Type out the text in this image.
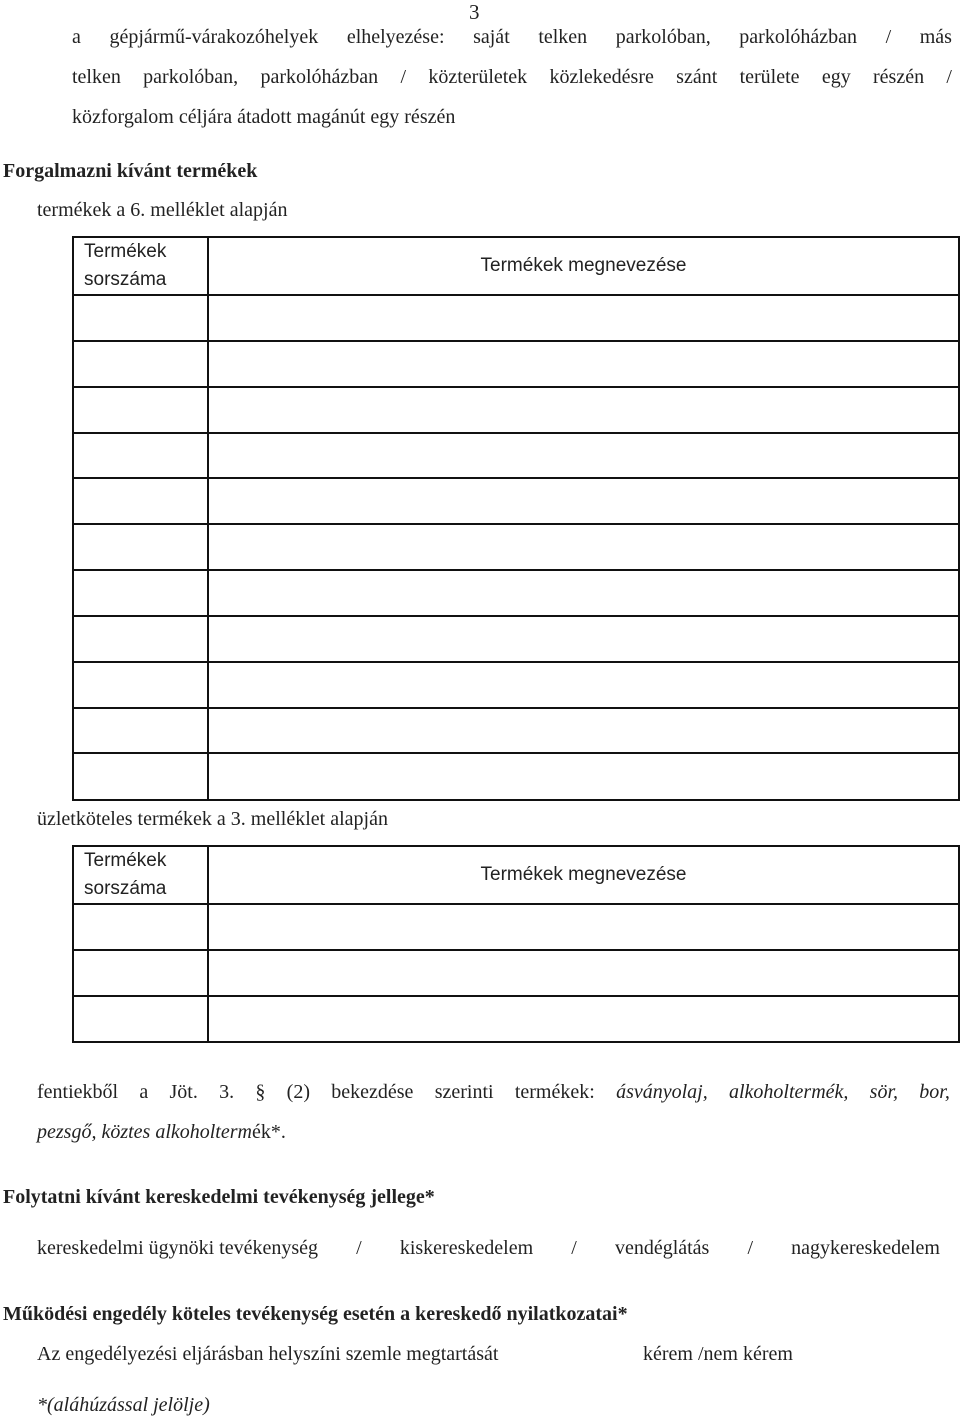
3
a gépjármű-várakozóhelyek elhelyezése: saját telken parkolóban, parkolóházban / más
telken parkolóban, parkolóházban / közterületek közlekedésre szánt területe egy részén /
közforgalom céljára átadott magánút egy részén
Forgalmazni kívánt termékek
termékek a 6. melléklet alapján
Termékek
sorszáma	Termékek megnevezése

üzletköteles termékek a 3. melléklet alapján
Termékek
sorszáma	Termékek megnevezése

fentiekből a Jöt. 3. § (2) bekezdése szerinti termékek: ásványolaj, alkoholtermék, sör, bor,
pezsgő, köztes alkoholtermék*.
Folytatni kívánt kereskedelmi tevékenység jellege*
kereskedelmi ügynöki tevékenység / kiskereskedelem / vendéglátás / nagykereskedelem
Működési engedély köteles tevékenység esetén a kereskedő nyilatkozatai*
Az engedélyezési eljárásban helyszíni szemle megtartását	kérem /nem kérem
*(aláhúzással jelölje)
